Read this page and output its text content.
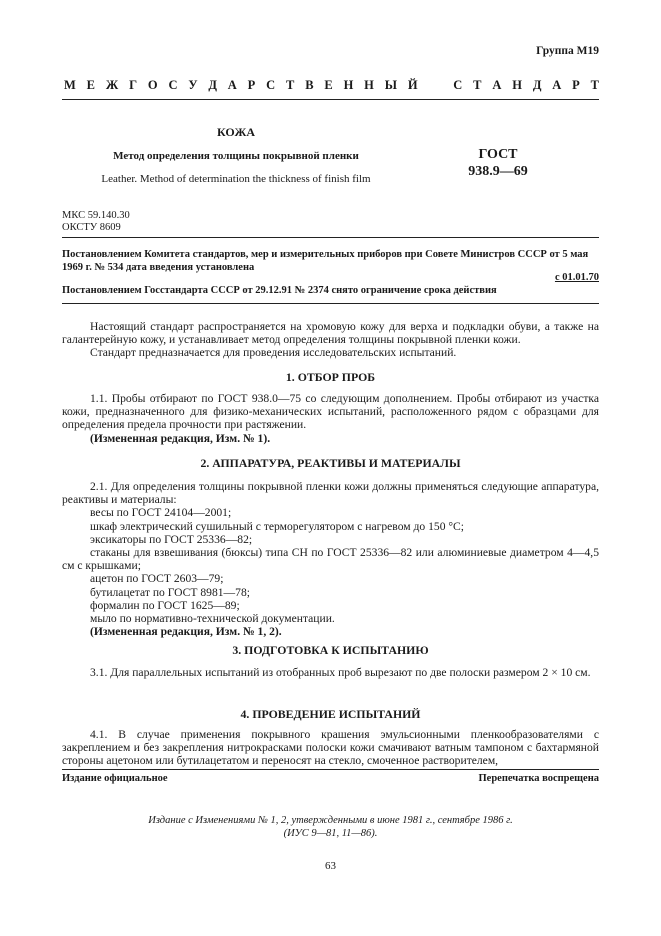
Группа М19
М Е Ж Г О С У Д А Р С Т В Е Н Н Ы Й	С Т А Н Д А Р Т
КОЖА
Метод определения толщины покрывной пленки
Leather. Method of determination the thickness of finish film
ГОСТ
938.9—69
МКС 59.140.30
ОКСТУ 8609
Постановлением Комитета стандартов, мер и измерительных приборов при Совете Министров СССР от 5 мая 1969 г. № 534 дата введения установлена
с 01.01.70
Постановлением Госстандарта СССР от 29.12.91 № 2374 снято ограничение срока действия

Настоящий стандарт распространяется на хромовую кожу для верха и подкладки обуви, а также на галантерейную кожу, и устанавливает метод определения толщины покрывной пленки кожи.

Стандарт предназначается для проведения исследовательских испытаний.

1. ОТБОР ПРОБ

1.1. Пробы отбирают по ГОСТ 938.0—75 со следующим дополнением. Пробы отбирают из участка кожи, предназначенного для физико-механических испытаний, расположенного рядом с образцами для определения предела прочности при растяжении.

(Измененная редакция, Изм. № 1).

2. АППАРАТУРА, РЕАКТИВЫ И МАТЕРИАЛЫ

2.1. Для определения толщины покрывной пленки кожи должны применяться следующие аппаратура, реактивы и материалы:

весы по ГОСТ 24104—2001;

шкаф электрический сушильный с терморегулятором с нагревом до 150 °С;

эксикаторы по ГОСТ 25336—82;

стаканы для взвешивания (бюксы) типа СН по ГОСТ 25336—82 или алюминиевые диаметром 4—4,5 см с крышками;

ацетон по ГОСТ 2603—79;

бутилацетат по ГОСТ 8981—78;

формалин по ГОСТ 1625—89;

мыло по нормативно-технической документации.

(Измененная редакция, Изм. № 1, 2).

3. ПОДГОТОВКА К ИСПЫТАНИЮ

3.1. Для параллельных испытаний из отобранных проб вырезают по две полоски размером 2 × 10 см.

4. ПРОВЕДЕНИЕ ИСПЫТАНИЙ

4.1. В случае применения покрывного крашения эмульсионными пленкообразователями с закреплением и без закрепления нитрокрасками полоски кожи смачивают ватным тампоном с бахтармяной стороны ацетоном или бутилацетатом и переносят на стекло, смоченное растворителем,

Издание официальное	Перепечатка воспрещена
Издание с Изменениями № 1, 2, утвержденными в июне 1981 г., сентябре 1986 г.
(ИУС 9—81, 11—86).
63
